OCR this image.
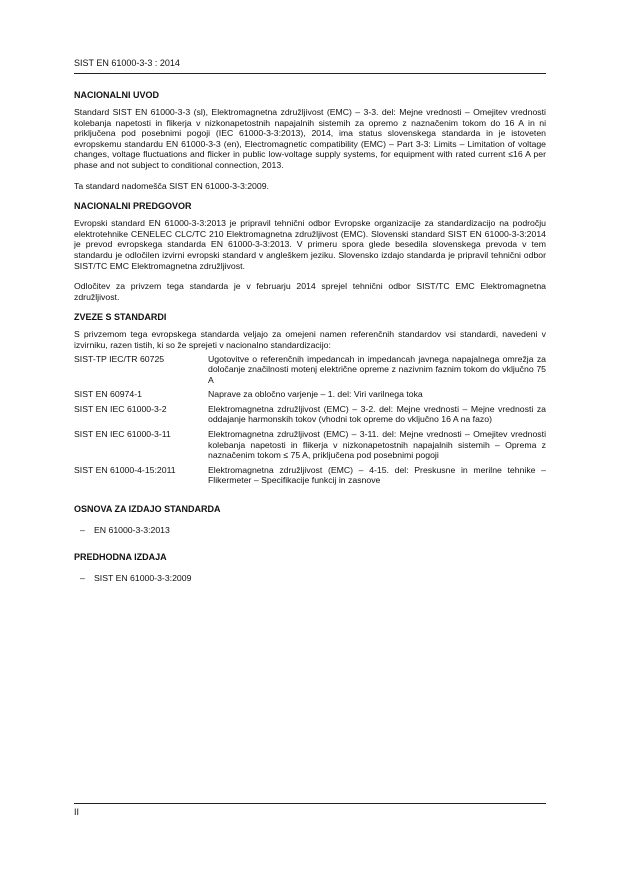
SIST EN 61000-3-3 : 2014
NACIONALNI UVOD

Standard SIST EN 61000-3-3 (sl), Elektromagnetna združljivost (EMC) – 3-3. del: Mejne vrednosti – Omejitev vrednosti kolebanja napetosti in flikerja v nizkonapetostnih napajalnih sistemih za opremo z naznačenim tokom do 16 A in ni priključena pod posebnimi pogoji (IEC 61000-3-3:2013), 2014, ima status slovenskega standarda in je istoveten evropskemu standardu EN 61000-3-3 (en), Electromagnetic compatibility (EMC) – Part 3-3: Limits – Limitation of voltage changes, voltage fluctuations and flicker in public low-voltage supply systems, for equipment with rated current ≤16 A per phase and not subject to conditional connection, 2013.

Ta standard nadomešča SIST EN 61000-3-3:2009.

NACIONALNI PREDGOVOR

Evropski standard EN 61000-3-3:2013 je pripravil tehnični odbor Evropske organizacije za standardizacijo na področju elektrotehnike CENELEC CLC/TC 210 Elektromagnetna združljivost (EMC). Slovenski standard SIST EN 61000-3-3:2014 je prevod evropskega standarda EN 61000-3-3:2013. V primeru spora glede besedila slovenskega prevoda v tem standardu je odločilen izvirni evropski standard v angleškem jeziku. Slovensko izdajo standarda je pripravil tehnični odbor SIST/TC EMC Elektromagnetna združljivost.

Odločitev za privzem tega standarda je v februarju 2014 sprejel tehnični odbor SIST/TC EMC Elektromagnetna združljivost.

ZVEZE S STANDARDI

S privzemom tega evropskega standarda veljajo za omejeni namen referenčnih standardov vsi standardi, navedeni v izvirniku, razen tistih, ki so že sprejeti v nacionalno standardizacijo:

SIST-TP IEC/TR 60725	Ugotovitve o referenčnih impedancah in impedancah javnega napajalnega omrežja za določanje značilnosti motenj električne opreme z nazivnim faznim tokom do vključno 75 A
SIST EN 60974-1	Naprave za obločno varjenje – 1. del: Viri varilnega toka
SIST EN IEC 61000-3-2	Elektromagnetna združljivost (EMC) – 3-2. del: Mejne vrednosti – Mejne vrednosti za oddajanje harmonskih tokov (vhodni tok opreme do vključno 16 A na fazo)
SIST EN IEC 61000-3-11	Elektromagnetna združljivost (EMC) – 3-11. del: Mejne vrednosti – Omejitev vrednosti kolebanja napetosti in flikerja v nizkonapetostnih napajalnih sistemih – Oprema z naznačenim tokom ≤ 75 A, priključena pod posebnimi pogoji
SIST EN 61000-4-15:2011	Elektromagnetna združljivost (EMC) – 4-15. del: Preskusne in merilne tehnike – Flikermeter – Specifikacije funkcij in zasnove
OSNOVA ZA IZDAJO STANDARDA
– EN 61000-3-3:2013
PREDHODNA IZDAJA
– SIST EN 61000-3-3:2009
II
